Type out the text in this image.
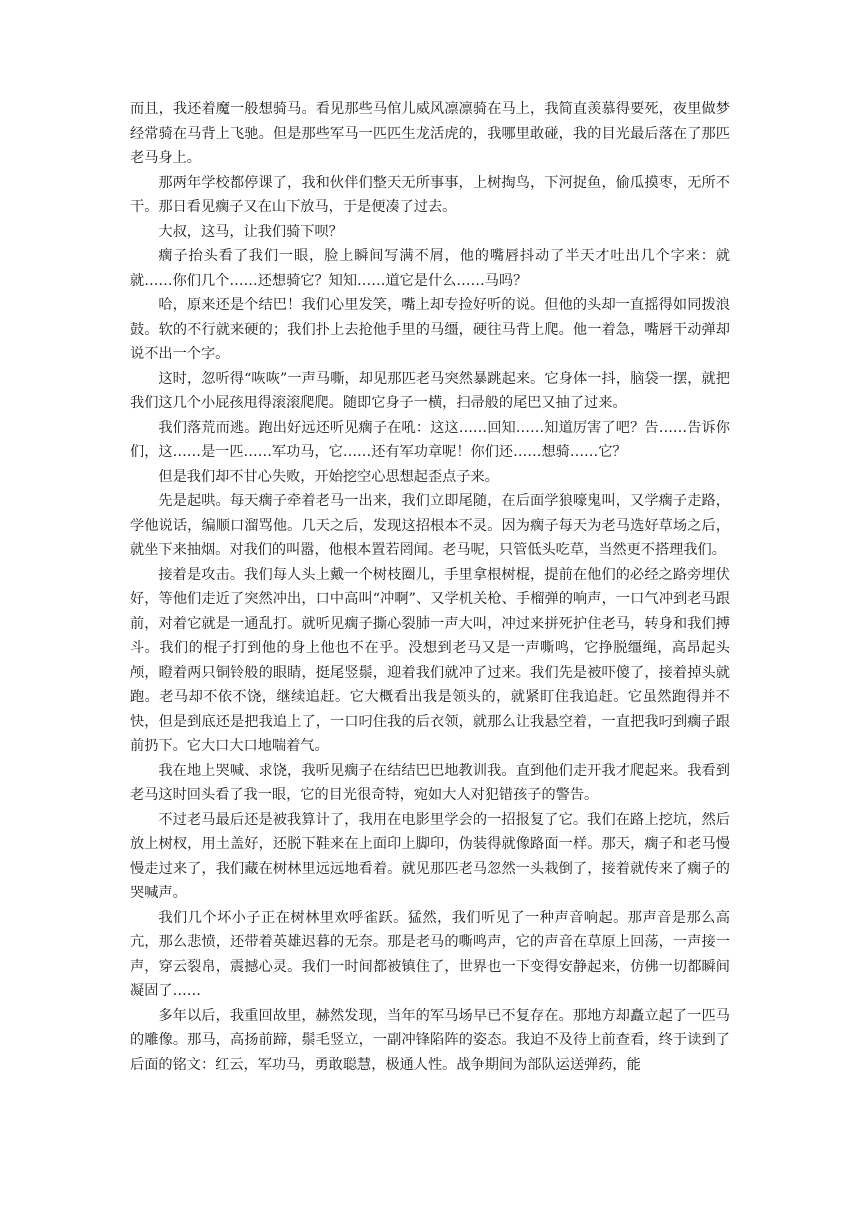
而且，我还着魔一般想骑马。看见那些马倌儿威风凛凛骑在马上，我简直羡慕得要死，夜里做梦经常骑在马背上飞驰。但是那些军马一匹匹生龙活虎的，我哪里敢碰，我的目光最后落在了那匹老马身上。

那两年学校都停课了，我和伙伴们整天无所事事，上树掏鸟，下河捉鱼，偷瓜摸枣，无所不干。那日看见瘸子又在山下放马，于是便凑了过去。

大叔，这马，让我们骑下呗？

瘸子抬头看了我们一眼，脸上瞬间写满不屑，他的嘴唇抖动了半天才吐出几个字来：就就……你们几个……还想骑它？知知……道它是什么……马吗？

哈，原来还是个结巴！我们心里发笑，嘴上却专捡好听的说。但他的头却一直摇得如同拨浪鼓。软的不行就来硬的；我们扑上去抢他手里的马缰，硬往马背上爬。他一着急，嘴唇干动弹却说不出一个字。

这时，忽听得“咴咴”一声马嘶，却见那匹老马突然暴跳起来。它身体一抖，脑袋一摆，就把我们这几个小屁孩甩得滚滚爬爬。随即它身子一横，扫帚般的尾巴又抽了过来。

我们落荒而逃。跑出好远还听见瘸子在吼：这这……回知……知道厉害了吧？告……告诉你们，这……是一匹……军功马，它……还有军功章呢！你们还……想骑……它？

但是我们却不甘心失败，开始挖空心思想起歪点子来。

先是起哄。每天瘸子牵着老马一出来，我们立即尾随，在后面学狼嚎鬼叫，又学瘸子走路，学他说话，编顺口溜骂他。几天之后，发现这招根本不灵。因为瘸子每天为老马选好草场之后，就坐下来抽烟。对我们的叫嚣，他根本置若罔闻。老马呢，只管低头吃草，当然更不搭理我们。

接着是攻击。我们每人头上戴一个树枝圈儿，手里拿根树棍，提前在他们的必经之路旁埋伏好，等他们走近了突然冲出，口中高叫“冲啊”、又学机关枪、手榴弹的响声，一口气冲到老马跟前，对着它就是一通乱打。就听见瘸子撕心裂肺一声大叫，冲过来拼死护住老马，转身和我们搏斗。我们的棍子打到他的身上他也不在乎。没想到老马又是一声嘶鸣，它挣脱缰绳，高昂起头颅，瞪着两只铜铃般的眼睛，挺尾竖鬃，迎着我们就冲了过来。我们先是被吓傻了，接着掉头就跑。老马却不依不饶，继续追赶。它大概看出我是领头的，就紧盯住我追赶。它虽然跑得并不快，但是到底还是把我追上了，一口叼住我的后衣领，就那么让我悬空着，一直把我叼到瘸子跟前扔下。它大口大口地喘着气。

我在地上哭喊、求饶，我听见瘸子在结结巴巴地教训我。直到他们走开我才爬起来。我看到老马这时回头看了我一眼，它的目光很奇特，宛如大人对犯错孩子的警告。

不过老马最后还是被我算计了，我用在电影里学会的一招报复了它。我们在路上挖坑，然后放上树杈，用土盖好，还脱下鞋来在上面印上脚印，伪装得就像路面一样。那天，瘸子和老马慢慢走过来了，我们藏在树林里远远地看着。就见那匹老马忽然一头栽倒了，接着就传来了瘸子的哭喊声。

我们几个坏小子正在树林里欢呼雀跃。猛然，我们听见了一种声音响起。那声音是那么高亢，那么悲愤，还带着英雄迟暮的无奈。那是老马的嘶鸣声，它的声音在草原上回荡，一声接一声，穿云裂帛，震撼心灵。我们一时间都被镇住了，世界也一下变得安静起来，仿佛一切都瞬间凝固了……

多年以后，我重回故里，赫然发现，当年的军马场早已不复存在。那地方却矗立起了一匹马的雕像。那马，高扬前蹄，鬃毛竖立，一副冲锋陷阵的姿态。我迫不及待上前查看，终于读到了后面的铭文：红云，军功马，勇敢聪慧，极通人性。战争期间为部队运送弹药，能
